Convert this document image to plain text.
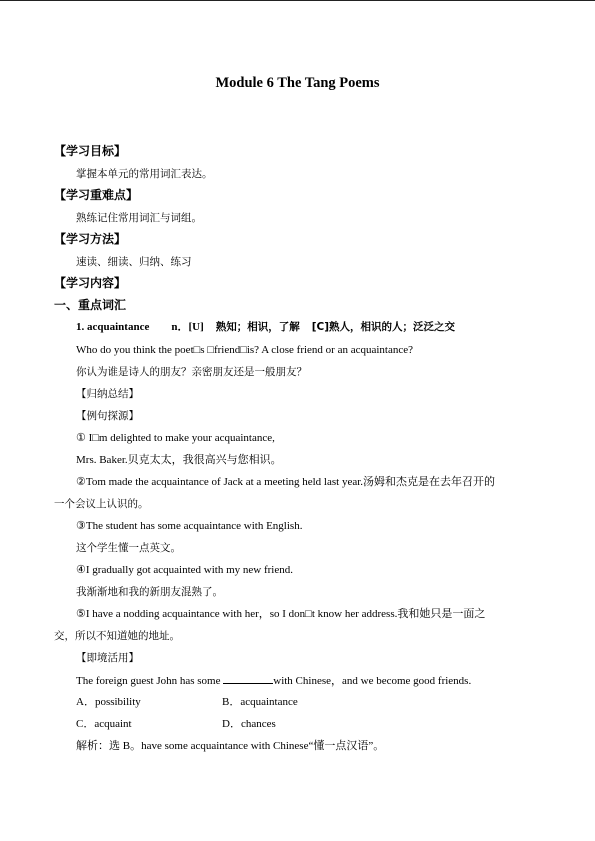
Module 6 The Tang Poems
【学习目标】
掌握本单元的常用词汇表达。
【学习重难点】
熟练记住常用词汇与词组。
【学习方法】
速读、细读、归纳、练习
【学习内容】
一、重点词汇
1. acquaintance n．[U] 熟知；相识，了解 [C]熟人，相识的人；泛泛之交
Who do you think the poet□s □friend□is? A close friend or an acquaintance?
你认为谁是诗人的朋友？亲密朋友还是一般朋友？
【归纳总结】
【例句探源】
① I□m delighted to make your acquaintance,
Mrs. Baker.贝克太太，我很高兴与您相识。
②Tom made the acquaintance of Jack at a meeting held last year.汤姆和杰克是在去年召开的
一个会议上认识的。
③The student has some acquaintance with English.
这个学生懂一点英文。
④I gradually got acquainted with my new friend.
我渐渐地和我的新朋友混熟了。
⑤I have a nodding acquaintance with her，so I don□t know her address.我和她只是一面之
交，所以不知道她的地址。
【即境活用】
The foreign guest John has some	with Chinese，and we become good friends.
A．possibility	B．acquaintance
C．acquaint	D．chances
解析：选 B。have some acquaintance with Chinese“懂一点汉语”。
